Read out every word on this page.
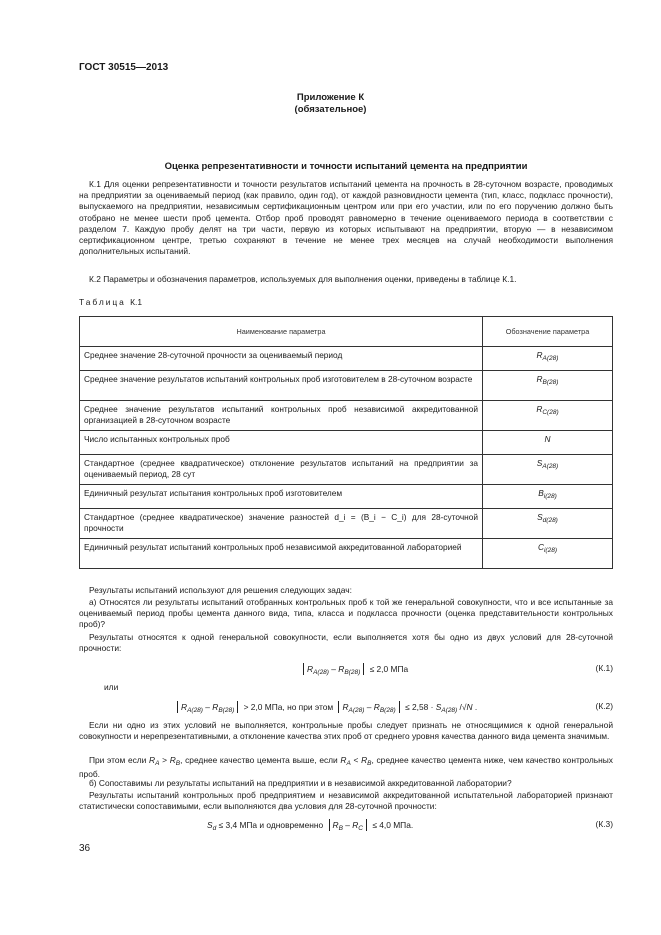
ГОСТ 30515—2013
Приложение К
(обязательное)
Оценка репрезентативности и точности испытаний цемента на предприятии
К.1 Для оценки репрезентативности и точности результатов испытаний цемента на прочность в 28-суточном возрасте, проводимых на предприятии за оцениваемый период (как правило, один год), от каждой разновидности цемента (тип, класс, подкласс прочности), выпускаемого на предприятии, независимым сертификационным центром или при его участии, или по его поручению должно быть отобрано не менее шести проб цемента. Отбор проб проводят равномерно в течение оцениваемого периода в соответствии с разделом 7. Каждую пробу делят на три части, первую из которых испытывают на предприятии, вторую — в независимом сертификационном центре, третью сохраняют в течение не менее трех месяцев на случай необходимости выполнения дополнительных испытаний.
К.2 Параметры и обозначения параметров, используемых для выполнения оценки, приведены в таблице К.1.
Таблица К.1
Наименование параметра	Обозначение параметра
Среднее значение 28-суточной прочности за оцениваемый период	$R_{A(28)}$
Среднее значение результатов испытаний контрольных проб изготовителем в 28-суточном возрасте	$R_{B(28)}$
Среднее значение результатов испытаний контрольных проб независимой аккредитованной организацией в 28-суточном возрасте	$R_{C(28)}$
Число испытанных контрольных проб	N
Стандартное (среднее квадратическое) отклонение результатов испытаний на предприятии за оцениваемый период, 28 сут	$S_{A(28)}$
Единичный результат испытания контрольных проб изготовителем	$B_{i(28)}$
Стандартное (среднее квадратическое) значение разностей d_i = (B_i − C_i) для 28-суточной прочности	$S_{d(28)}$
Единичный результат испытаний контрольных проб независимой аккредитованной лабораторией	$C_{i(28)}$
Результаты испытаний используют для решения следующих задач:
а) Относятся ли результаты испытаний отобранных контрольных проб к той же генеральной совокупности, что и все испытанные за оцениваемый период пробы цемента данного вида, типа, класса и подкласса прочности (оценка представительности контрольных проб)?
Результаты относятся к одной генеральной совокупности, если выполняется хотя бы одно из двух условий для 28-суточной прочности:
$R_{A(28)} - R_{B(28)} \le 2,0$ МПа	(К.1)
или
$R_{A(28)} - R_{B(28)} > 2,0$ МПа, но при этом $R_{A(28)} - R_{B(28)} \le 2,58 \cdot S_{A(28)}$ /√N .	(К.2)
Если ни одно из этих условий не выполняется, контрольные пробы следует признать не относящимися к одной генеральной совокупности и нерепрезентативными, а отклонение качества этих проб от среднего уровня качества данного вида цемента значимым.
При этом если $R_A > R_B$, среднее качество цемента выше, если $R_A < R_B$, среднее качество цемента ниже, чем качество контрольных проб.
б) Сопоставимы ли результаты испытаний на предприятии и в независимой аккредитованной лаборатории?
Результаты испытаний контрольных проб предприятием и независимой аккредитованной испытательной лабораторией признают статистически сопоставимыми, если выполняются два условия для 28-суточной прочности:
$S_d \le 3,4$ МПа и одновременно $R_B - R_C \le 4,0$ МПа.	(К.3)
36
